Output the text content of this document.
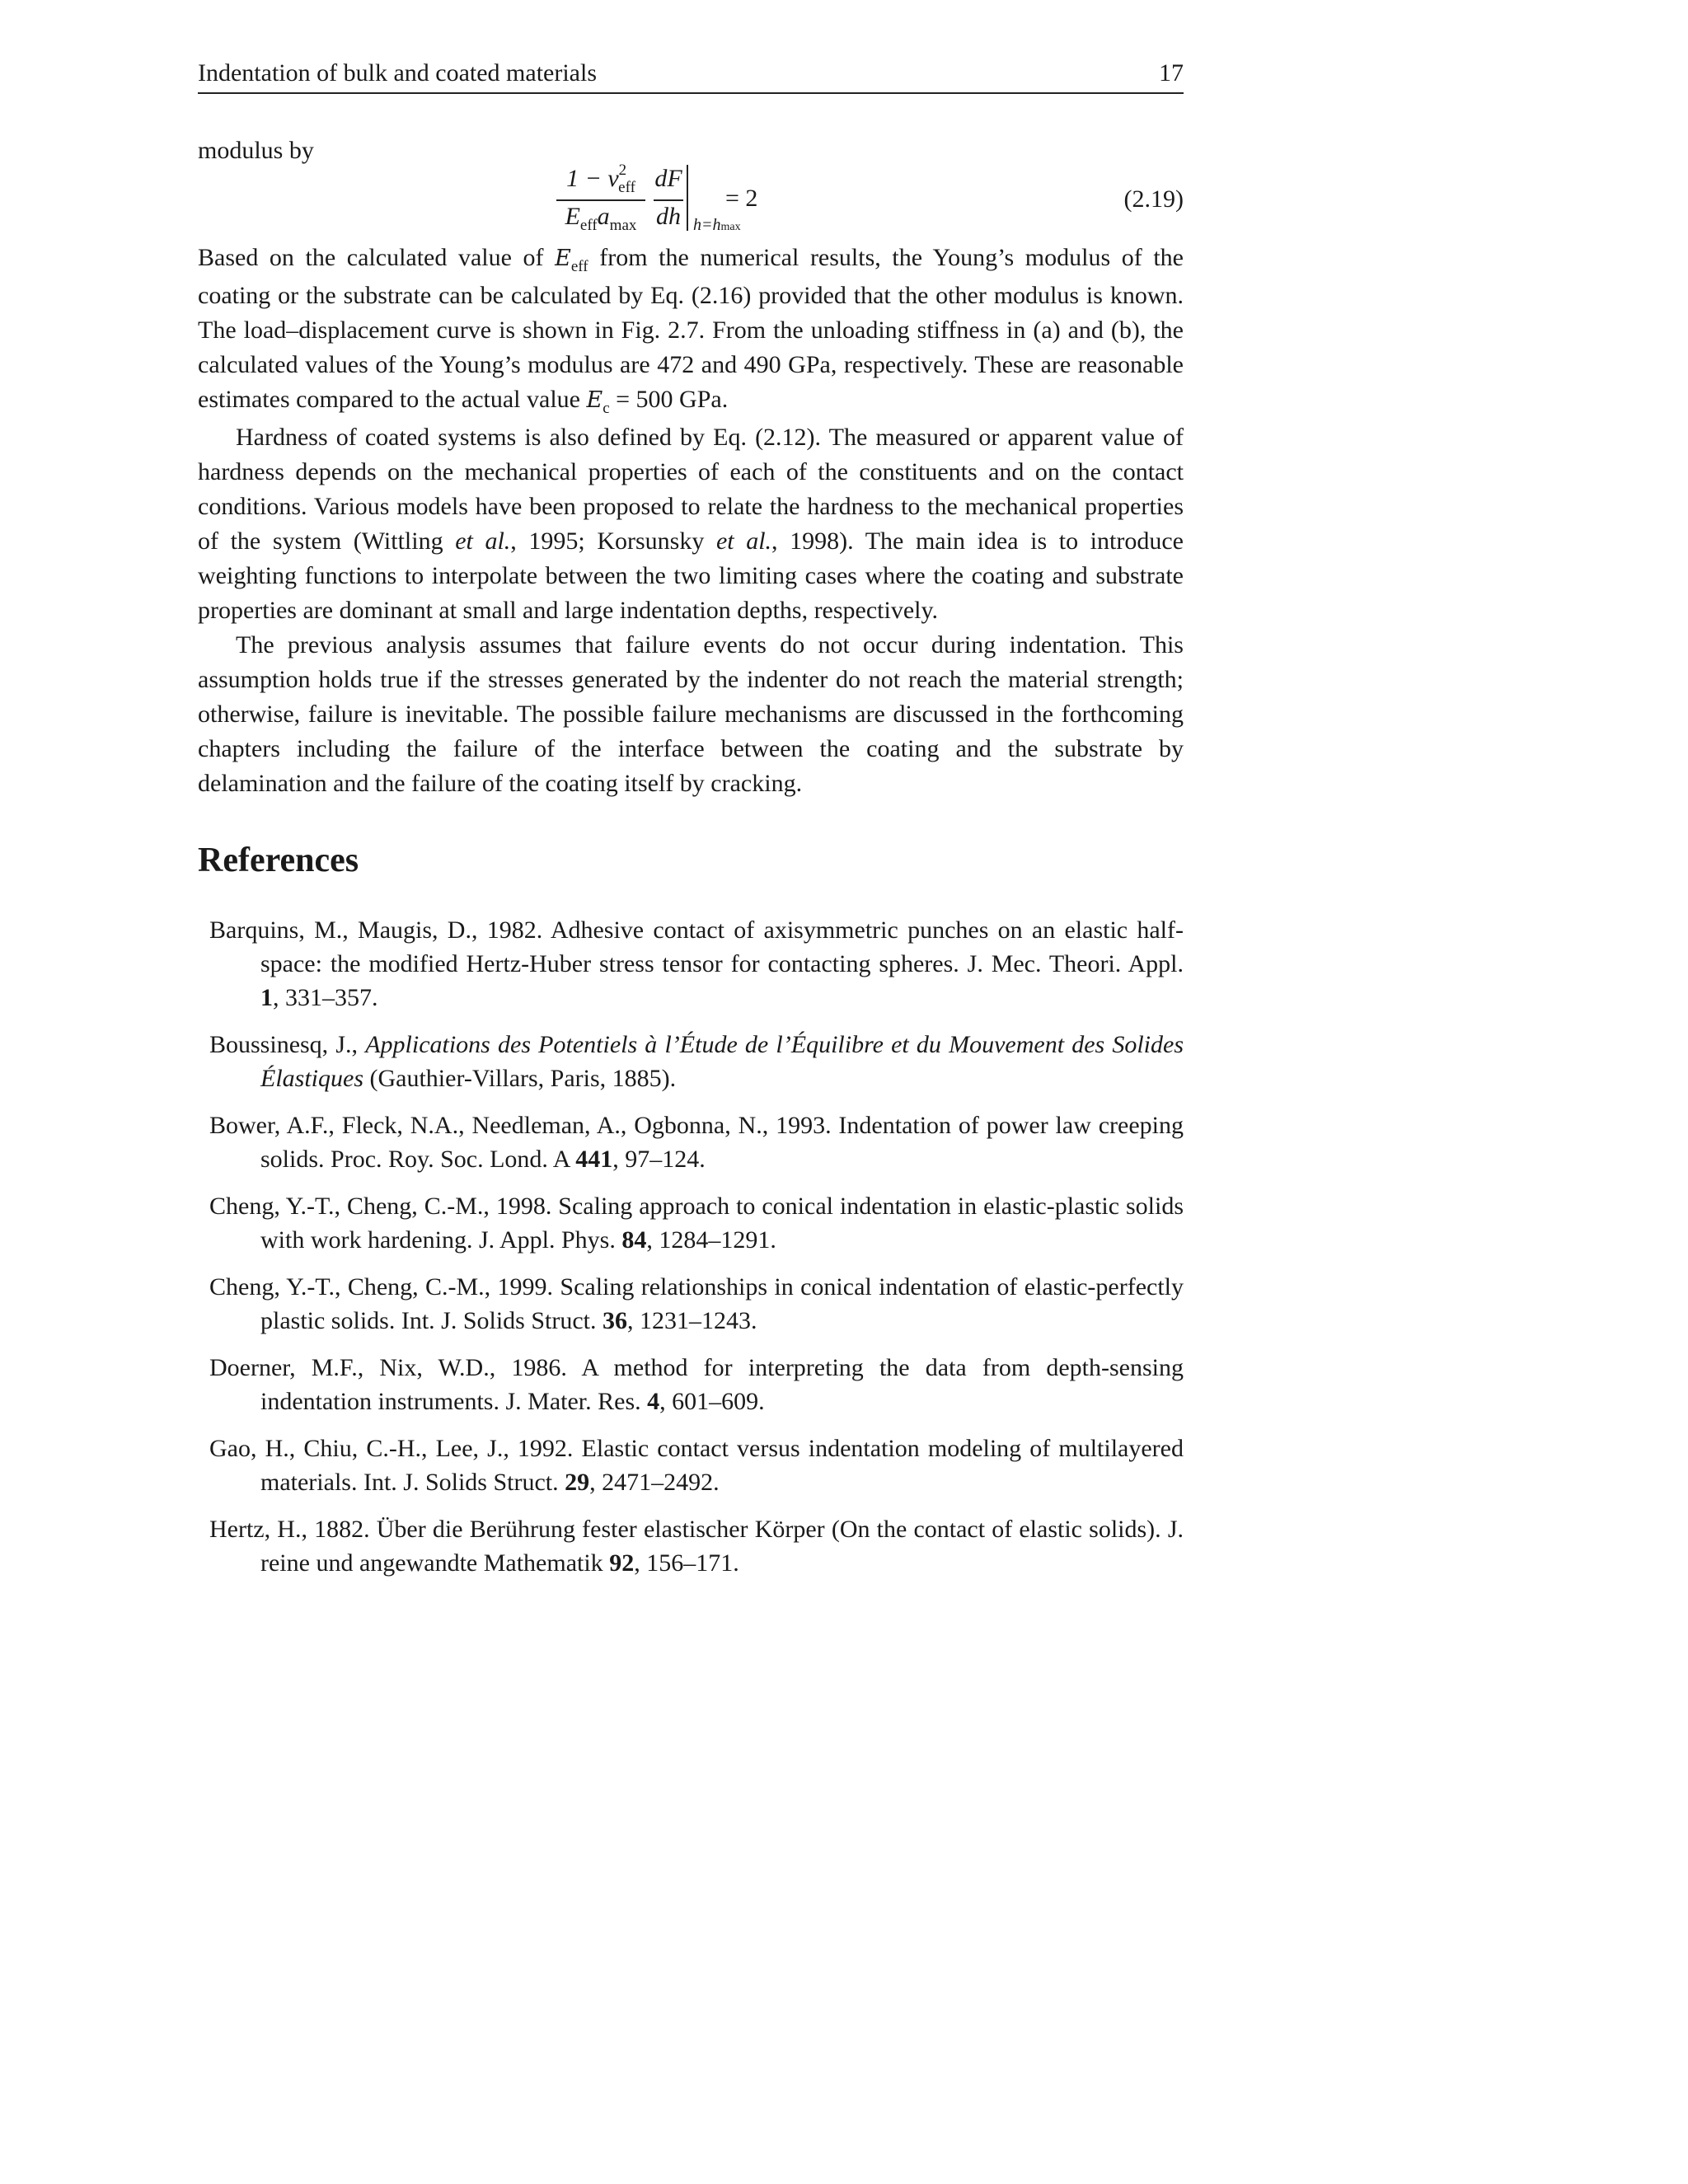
Indentation of bulk and coated materials	17
modulus by
$1 - \nu^2_{eff}$
$E_{eff}a_{max}$
dF
dh h=hmax
= 2	(2.19)

Based on the calculated value of $E_{eff}$ from the numerical results, the Young’s modulus of the coating or the substrate can be calculated by Eq. (2.16) provided that the other modulus is known. The load–displacement curve is shown in Fig. 2.7. From the unloading stiffness in (a) and (b), the calculated values of the Young’s modulus are 472 and 490 GPa, respectively. These are reasonable estimates compared to the actual value $E_c = 500$ GPa.

Hardness of coated systems is also defined by Eq. (2.12). The measured or apparent value of hardness depends on the mechanical properties of each of the constituents and on the contact conditions. Various models have been proposed to relate the hardness to the mechanical properties of the system (Wittling et al., 1995; Korsunsky et al., 1998). The main idea is to introduce weighting functions to interpolate between the two limiting cases where the coating and substrate properties are dominant at small and large indentation depths, respectively.

The previous analysis assumes that failure events do not occur during indentation. This assumption holds true if the stresses generated by the indenter do not reach the material strength; otherwise, failure is inevitable. The possible failure mechanisms are discussed in the forthcoming chapters including the failure of the interface between the coating and the substrate by delamination and the failure of the coating itself by cracking.

References
Barquins, M., Maugis, D., 1982. Adhesive contact of axisymmetric punches on an elastic half-space: the modified Hertz-Huber stress tensor for contacting spheres. J. Mec. Theori. Appl. 1, 331–357.
Boussinesq, J., Applications des Potentiels à l’Étude de l’Équilibre et du Mouvement des Solides Élastiques (Gauthier-Villars, Paris, 1885).
Bower, A.F., Fleck, N.A., Needleman, A., Ogbonna, N., 1993. Indentation of power law creeping solids. Proc. Roy. Soc. Lond. A 441, 97–124.
Cheng, Y.-T., Cheng, C.-M., 1998. Scaling approach to conical indentation in elastic-plastic solids with work hardening. J. Appl. Phys. 84, 1284–1291.
Cheng, Y.-T., Cheng, C.-M., 1999. Scaling relationships in conical indentation of elastic-perfectly plastic solids. Int. J. Solids Struct. 36, 1231–1243.
Doerner, M.F., Nix, W.D., 1986. A method for interpreting the data from depth-sensing indentation instruments. J. Mater. Res. 4, 601–609.
Gao, H., Chiu, C.-H., Lee, J., 1992. Elastic contact versus indentation modeling of multilayered materials. Int. J. Solids Struct. 29, 2471–2492.
Hertz, H., 1882. Über die Berührung fester elastischer Körper (On the contact of elastic solids). J. reine und angewandte Mathematik 92, 156–171.
